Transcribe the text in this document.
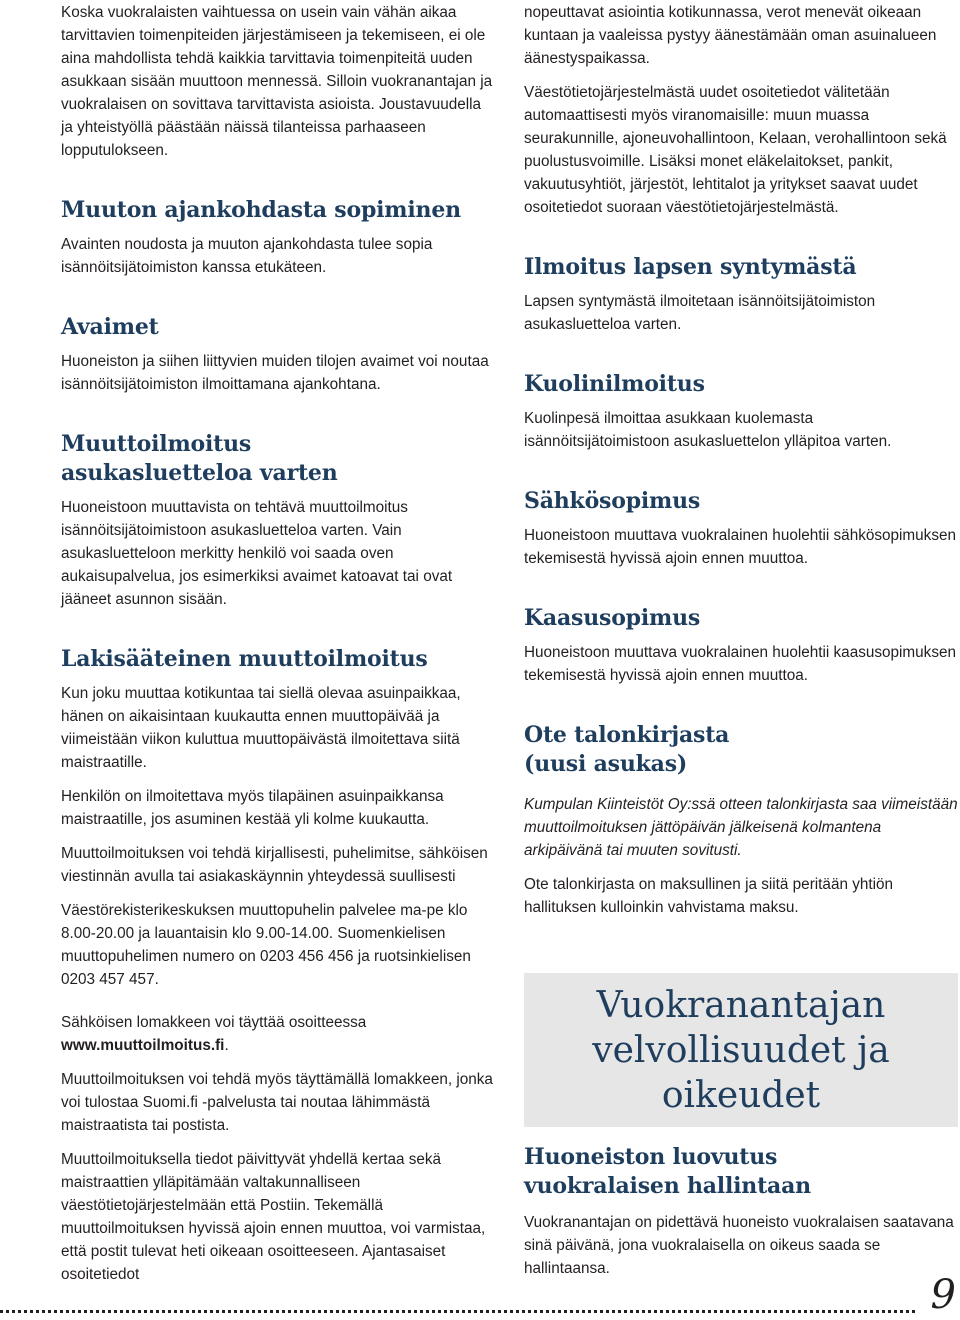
Koska vuokralaisten vaihtuessa on usein vain vähän aikaa tarvittavien toimenpiteiden järjestämiseen ja tekemiseen, ei ole aina mahdollista tehdä kaikkia tarvittavia toimenpiteitä uuden asukkaan sisään muuttoon mennessä. Silloin vuokranantajan ja vuokralaisen on sovittava tarvittavista asioista. Joustavuudella ja yhteistyöllä päästään näissä tilanteissa parhaaseen lopputulokseen.

Muuton ajankohdasta sopiminen

Avainten noudosta ja muuton ajankohdasta tulee sopia isännöitsijätoimiston kanssa etukäteen.

Avaimet

Huoneiston ja siihen liittyvien muiden tilojen avaimet voi noutaa isännöitsijätoimiston ilmoittamana ajankohtana.

Muuttoilmoitus
asukasluetteloa varten

Huoneistoon muuttavista on tehtävä muuttoilmoitus isännöitsijätoimistoon asukasluetteloa varten. Vain asukasluetteloon merkitty henkilö voi saada oven aukaisupalvelua, jos esimerkiksi avaimet katoavat tai ovat jääneet asunnon sisään.

Lakisääteinen muuttoilmoitus

Kun joku muuttaa kotikuntaa tai siellä olevaa asuinpaikkaa, hänen on aikaisintaan kuukautta ennen muuttopäivää ja viimeistään viikon kuluttua muuttopäivästä ilmoitettava siitä maistraatille.

Henkilön on ilmoitettava myös tilapäinen asuinpaikkansa maistraatille, jos asuminen kestää yli kolme kuukautta.

Muuttoilmoituksen voi tehdä kirjallisesti, puhelimitse, sähköisen viestinnän avulla tai asiakaskäynnin yhteydessä suullisesti

Väestörekisterikeskuksen muuttopuhelin palvelee ma-pe klo 8.00-20.00 ja lauantaisin klo 9.00-14.00. Suomenkielisen muuttopuhelimen numero on 0203 456 456 ja ruotsinkielisen 0203 457 457.

Sähköisen lomakkeen voi täyttää osoitteessa
www.muuttoilmoitus.fi.

Muuttoilmoituksen voi tehdä myös täyttämällä lomakkeen, jonka voi tulostaa Suomi.fi -palvelusta tai noutaa lähimmästä maistraatista tai postista.

Muuttoilmoituksella tiedot päivittyvät yhdellä kertaa sekä maistraattien ylläpitämään valtakunnalliseen väestötietojärjestelmään että Postiin. Tekemällä muuttoilmoituksen hyvissä ajoin ennen muuttoa, voi varmistaa, että postit tulevat heti oikeaan osoitteeseen. Ajantasaiset osoitetiedot

nopeuttavat asiointia kotikunnassa, verot menevät oikeaan kuntaan ja vaaleissa pystyy äänestämään oman asuinalueen äänestyspaikassa.

Väestötietojärjestelmästä uudet osoitetiedot välitetään automaattisesti myös viranomaisille: muun muassa seurakunnille, ajoneuvohallintoon, Kelaan, verohallintoon sekä puolustusvoimille. Lisäksi monet eläkelaitokset, pankit, vakuutusyhtiöt, järjestöt, lehtitalot ja yritykset saavat uudet osoitetiedot suoraan väestötietojärjestelmästä.

Ilmoitus lapsen syntymästä

Lapsen syntymästä ilmoitetaan isännöitsijätoimiston asukasluetteloa varten.

Kuolinilmoitus

Kuolinpesä ilmoittaa asukkaan kuolemasta isännöitsijätoimistoon asukasluettelon ylläpitoa varten.

Sähkösopimus

Huoneistoon muuttava vuokralainen huolehtii sähkösopimuksen tekemisestä hyvissä ajoin ennen muuttoa.

Kaasusopimus

Huoneistoon muuttava vuokralainen huolehtii kaasusopimuksen tekemisestä hyvissä ajoin ennen muuttoa.

Ote talonkirjasta
(uusi asukas)

Kumpulan Kiinteistöt Oy:ssä otteen talonkirjasta saa viimeistään muuttoilmoituksen jättöpäivän jälkeisenä kolmantena arkipäivänä tai muuten sovitusti.

Ote talonkirjasta on maksullinen ja siitä peritään yhtiön hallituksen kulloinkin vahvistama maksu.

Vuokranantajan
velvollisuudet ja
oikeudet
Huoneiston luovutus
vuokralaisen hallintaan

Vuokranantajan on pidettävä huoneisto vuokralaisen saatavana sinä päivänä, jona vuokralaisella on oikeus saada se hallintaansa.

9
